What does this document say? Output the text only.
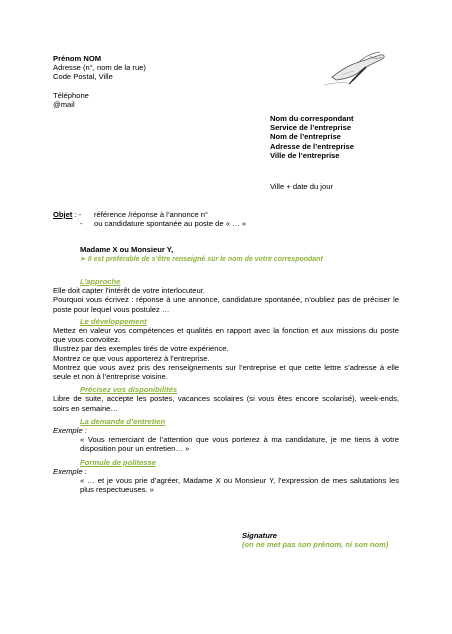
Prénom NOM
Adresse (n°, nom de la rue)
Code Postal, Ville
Téléphone
@mail
Nom du correspondant
Service de l’entreprise
Nom de l’entreprise
Adresse de l’entreprise
Ville de l’entreprise
Ville + date du jour
Objet : - référence /réponse à l’annonce n°
- ou candidature spontanée au poste de « … »
Madame X ou Monsieur Y,
➤ Il est préférable de s’être renseigné sur le nom de votre correspondant
L’approche

Elle doit capter l’intérêt de votre interlocuteur.

Pourquoi vous écrivez : réponse à une annonce, candidature spontanée, n’oubliez pas de préciser le poste pour lequel vous postulez …

Le développement

Mettez en valeur vos compétences et qualités en rapport avec la fonction et aux missions du poste que vous convoitez.

Illustrez par des exemples tirés de votre expérience.

Montrez ce que vous apporterez à l’entreprise.

Montrez que vous avez pris des renseignements sur l’entreprise et que cette lettre s’adresse à elle seule et non à l’entreprise voisine.

Précisez vos disponibilités

Libre de suite, accepte les postes, vacances scolaires (si vous êtes encore scolarisé), week-ends, soirs en semaine…

La demande d’entretien

Exemple :

« Vous remerciant de l’attention que vous porterez à ma candidature, je me tiens à votre disposition pour un entretien… »

Formule de politesse

Exemple :

« … et je vous prie d’agréer, Madame X ou Monsieur Y, l’expression de mes salutations les plus respectueuses. »

Signature
(on ne met pas son prénom, ni son nom)
